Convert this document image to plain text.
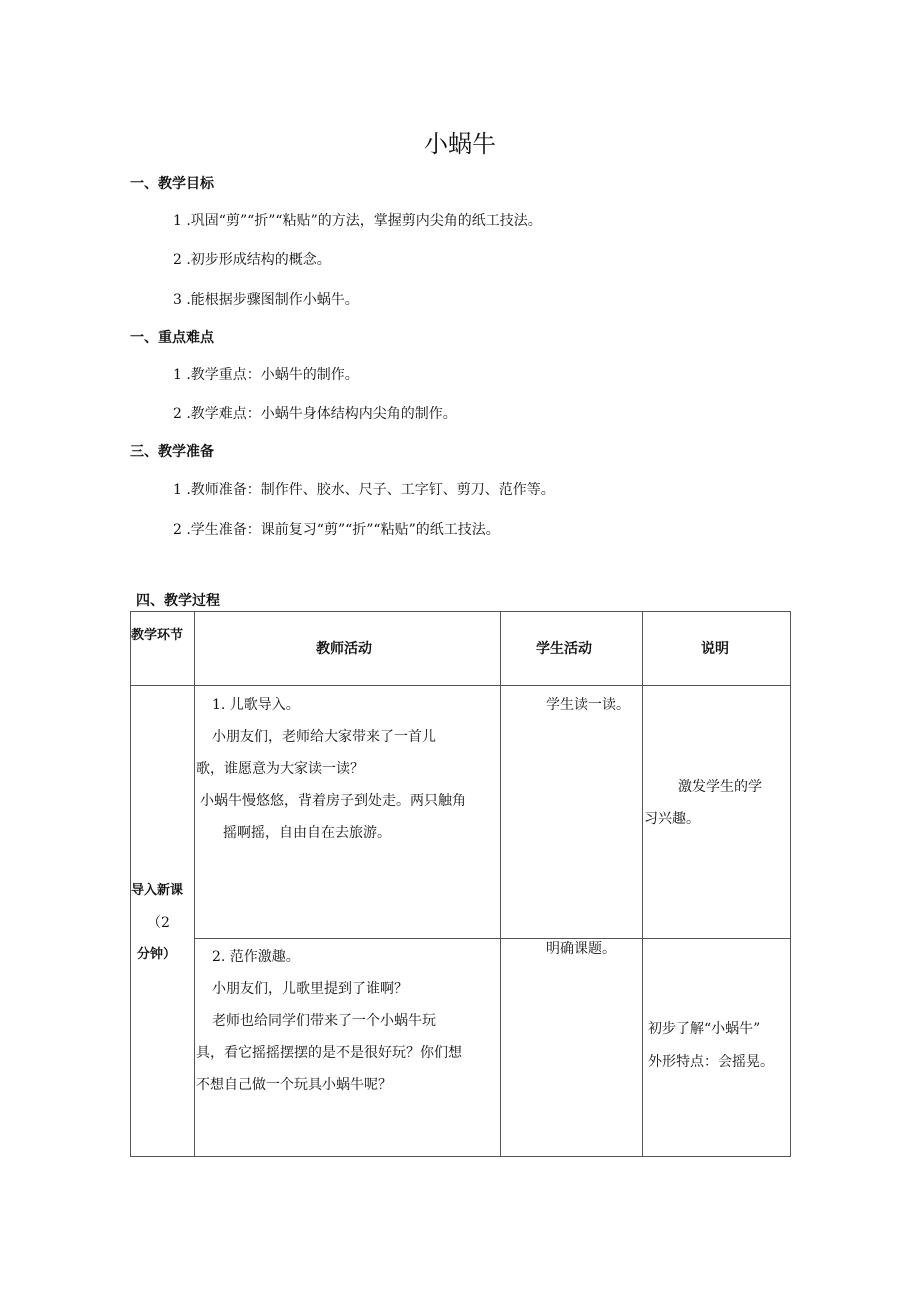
小蜗牛
一、教学目标
1 .巩固“剪”“折”“粘贴”的方法，掌握剪内尖角的纸工技法。
2 .初步形成结构的概念。
3 .能根据步骤图制作小蜗牛。
一、重点难点
1 .教学重点：小蜗牛的制作。
2 .教学难点：小蜗牛身体结构内尖角的制作。
三、教学准备
1 .教师准备：制作件、胶水、尺子、工字钉、剪刀、范作等。
2 .学生准备：课前复习“剪”“折”“粘贴”的纸工技法。
四、教学过程
教学环节
教师活动	学生活动	说明
导入新课
（2
分钟）
1. 儿歌导入。
小朋友们，老师给大家带来了一首儿
歌，谁愿意为大家读一读？
小蜗牛慢悠悠，背着房子到处走。两只触角
摇啊摇，自由自在去旅游。
学生读一读。
激发学生的学
习兴趣。
2. 范作激趣。
小朋友们，儿歌里提到了谁啊？
老师也给同学们带来了一个小蜗牛玩
具，看它摇摇摆摆的是不是很好玩？你们想
不想自己做一个玩具小蜗牛呢？
明确课题。
初步了解“小蜗牛”
外形特点：会摇晃。
